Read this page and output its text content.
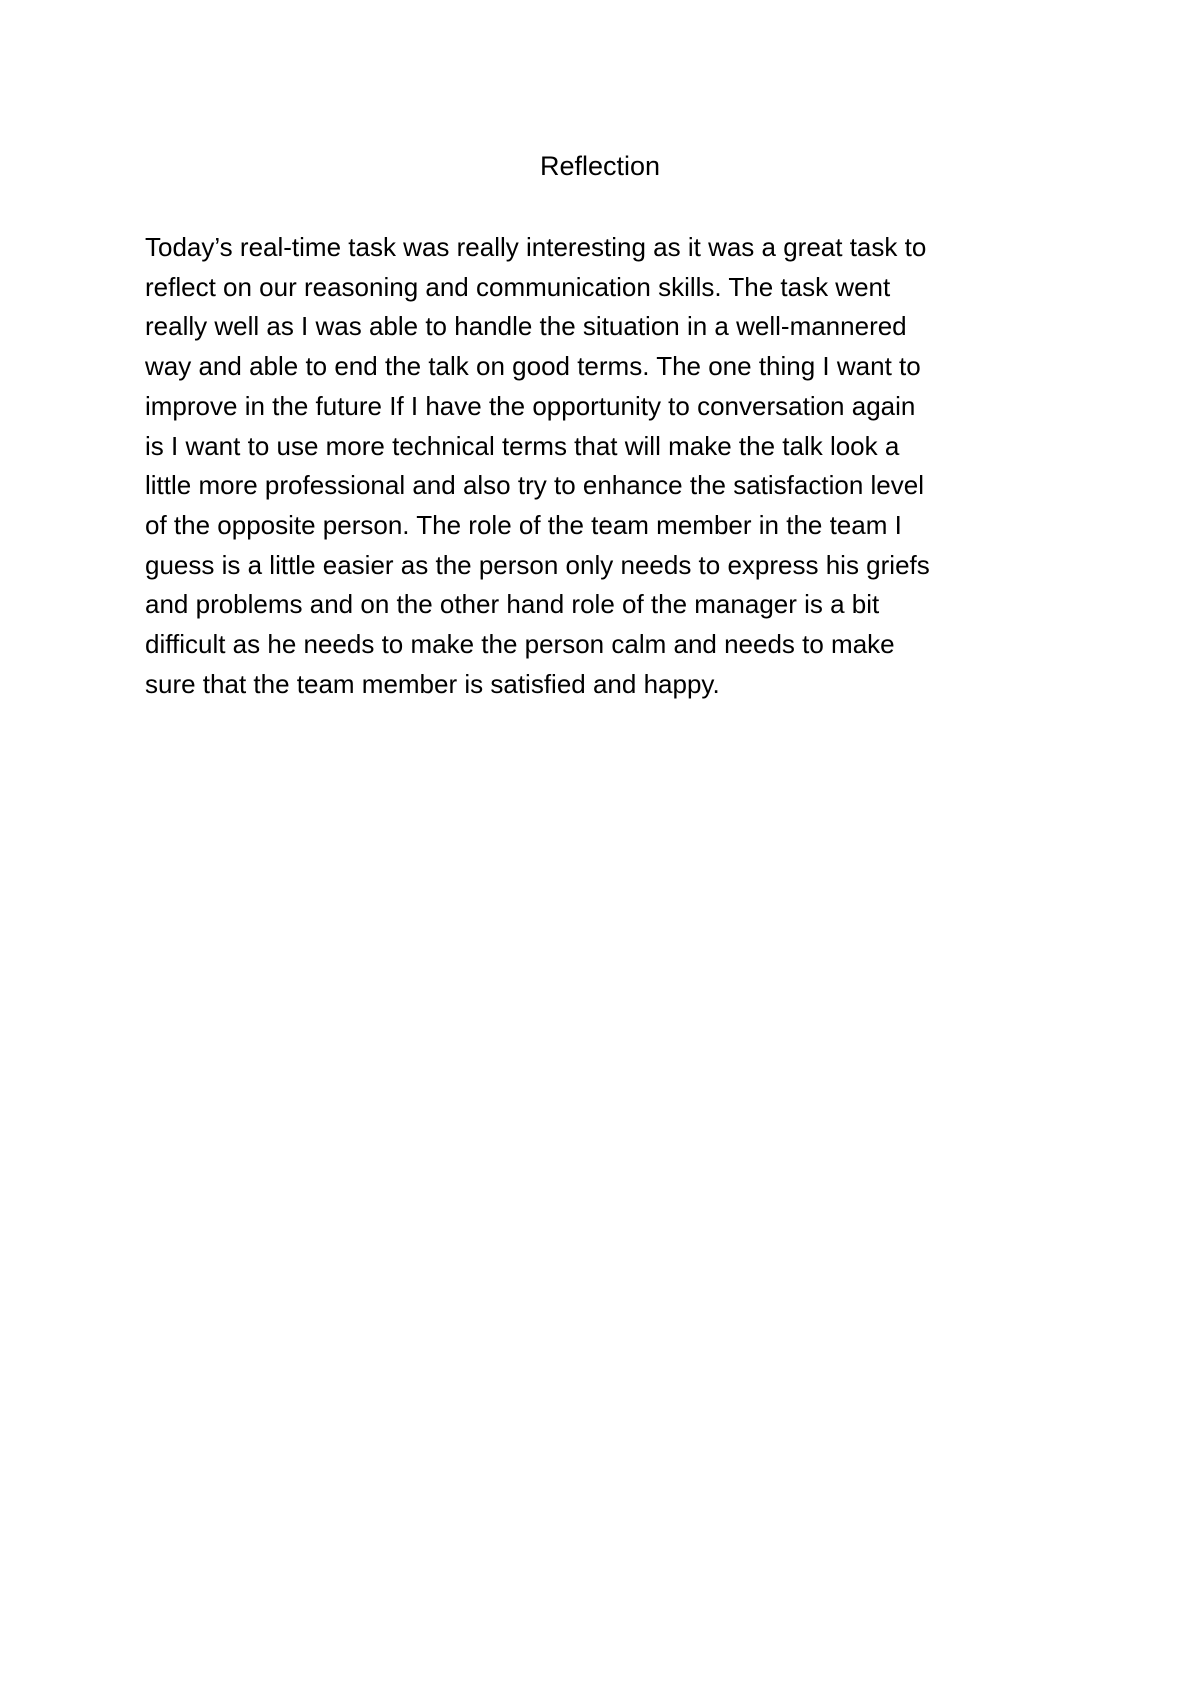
Reflection
Today’s real-time task was really interesting as it was a great task to
reflect on our reasoning and communication skills. The task went
really well as I was able to handle the situation in a well-mannered
way and able to end the talk on good terms. The one thing I want to
improve in the future If I have the opportunity to conversation again
is I want to use more technical terms that will make the talk look a
little more professional and also try to enhance the satisfaction level
of the opposite person. The role of the team member in the team I
guess is a little easier as the person only needs to express his griefs
and problems and on the other hand role of the manager is a bit
difficult as he needs to make the person calm and needs to make
sure that the team member is satisfied and happy.
